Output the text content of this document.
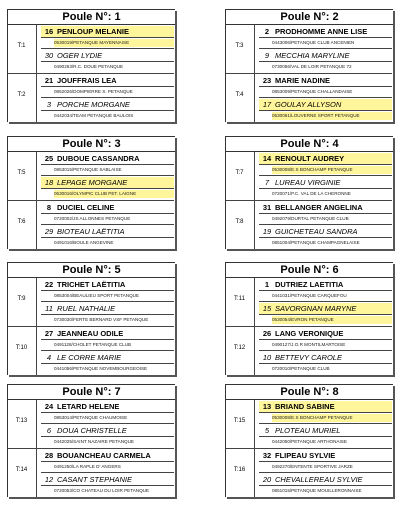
Poule N°: 1
T:1
16 PENLOUP MELANIE
0530019/PETANQUE MAYENNAISE
30 OGER LYDIE
0490263/R.C. DOUE PETANQUE
T:2
21 JOUFFRAIS LEA
0852026/DOMPIERRE S. PETANQUE
3 PORCHE MORGANE
0442034/TEAM PETANQUE BAULOIS
Poule N°: 2
T:3
2 PRODHOMME ANNE LISE
0443006/PETANQUE CLUB ANCENIEN
9 MECCHIA MARYLINE
0730056/VAL DE LOIR PETANQUE 72
T:4
23 MARIE NADINE
0853009/PETANQUE CHALLANDAISE
17 GOULAY ALLYSON
0530061/LOUVERNE SPORT PETANQUE
Poule N°: 3
T:5
25 DUBOUE CASSANDRA
0853015/PETANQUE SABLAISE
18 LEPAGE MORGANE
0530016/OLYMPIC CLUB PET. LAIGNE
T:6
8 DUCIEL CELINE
0720002/JS ALLONNES PETANQUE
29 BIOTEAU LAËTITIA
0491016/BOULE ANGEVINE
Poule N°: 4
T:7
14 RENOULT AUDREY
0530008/E.S BONCHAMP PETANQUE
7 LUREAU VIRGINIE
0720071/P.C. VAL DE LA CHERONNE
T:8
31 BELLANGER ANGELINA
0492079/DURTAL PETANQUE CLUB
19 GUICHETEAU SANDRA
0851004/PETANQUE CHAMPAGNELAISE
Poule N°: 5
T:9
22 TRICHET LAËTITIA
0853004/BEAULIEU SPORT PETANQUE
11 RUEL NATHALIE
0730030/FERTE BERNARD VSF PETANQUE
T:10
27 JEANNEAU ODILE
0491128/CHOLET PETANQUE CLUB
4 LE CORRE MARIE
0441056/PETANQUE NOVEMBOURGEOISE
Poule N°: 6
T:11
1 DUTRIEZ LAETITIA
0441031/PETANQUE CARQUEFOU
15 SAVORGNAN MARYNE
0530054/EVRON PETANQUE
T:12
26 LANG VERONIQUE
0490127/J.O.R MONTILMARTOISE
10 BETTEVY CAROLE
0720010/PETANQUE CLUB
Poule N°: 7
T:13
24 LETARD HELENE
0853014/PETANQUE CHAUMOISE
6 DOUA CHRISTELLE
0442025/SAINT NAZAIRE PETANQUE
T:14
28 BOUANCHEAU CARMELA
0491250/LA RAPLE D' ANGERS
12 CASANT STEPHANIE
0720053/CO CHATEAU DU LOIR PETANQUE
Poule N°: 8
T:15
13 BRIAND SABINE
0530008/E.S BONCHAMP PETANQUE
5 PLOTEAU MURIEL
0442050/PETANQUE ARTHONAISE
T:16
32 FLIPEAU SYLVIE
0492270/ENTENTE SPORTIVE JARZE
20 CHEVALLEREAU SYLVIE
0851015/PETANQUE MOUILLERONNAISE
